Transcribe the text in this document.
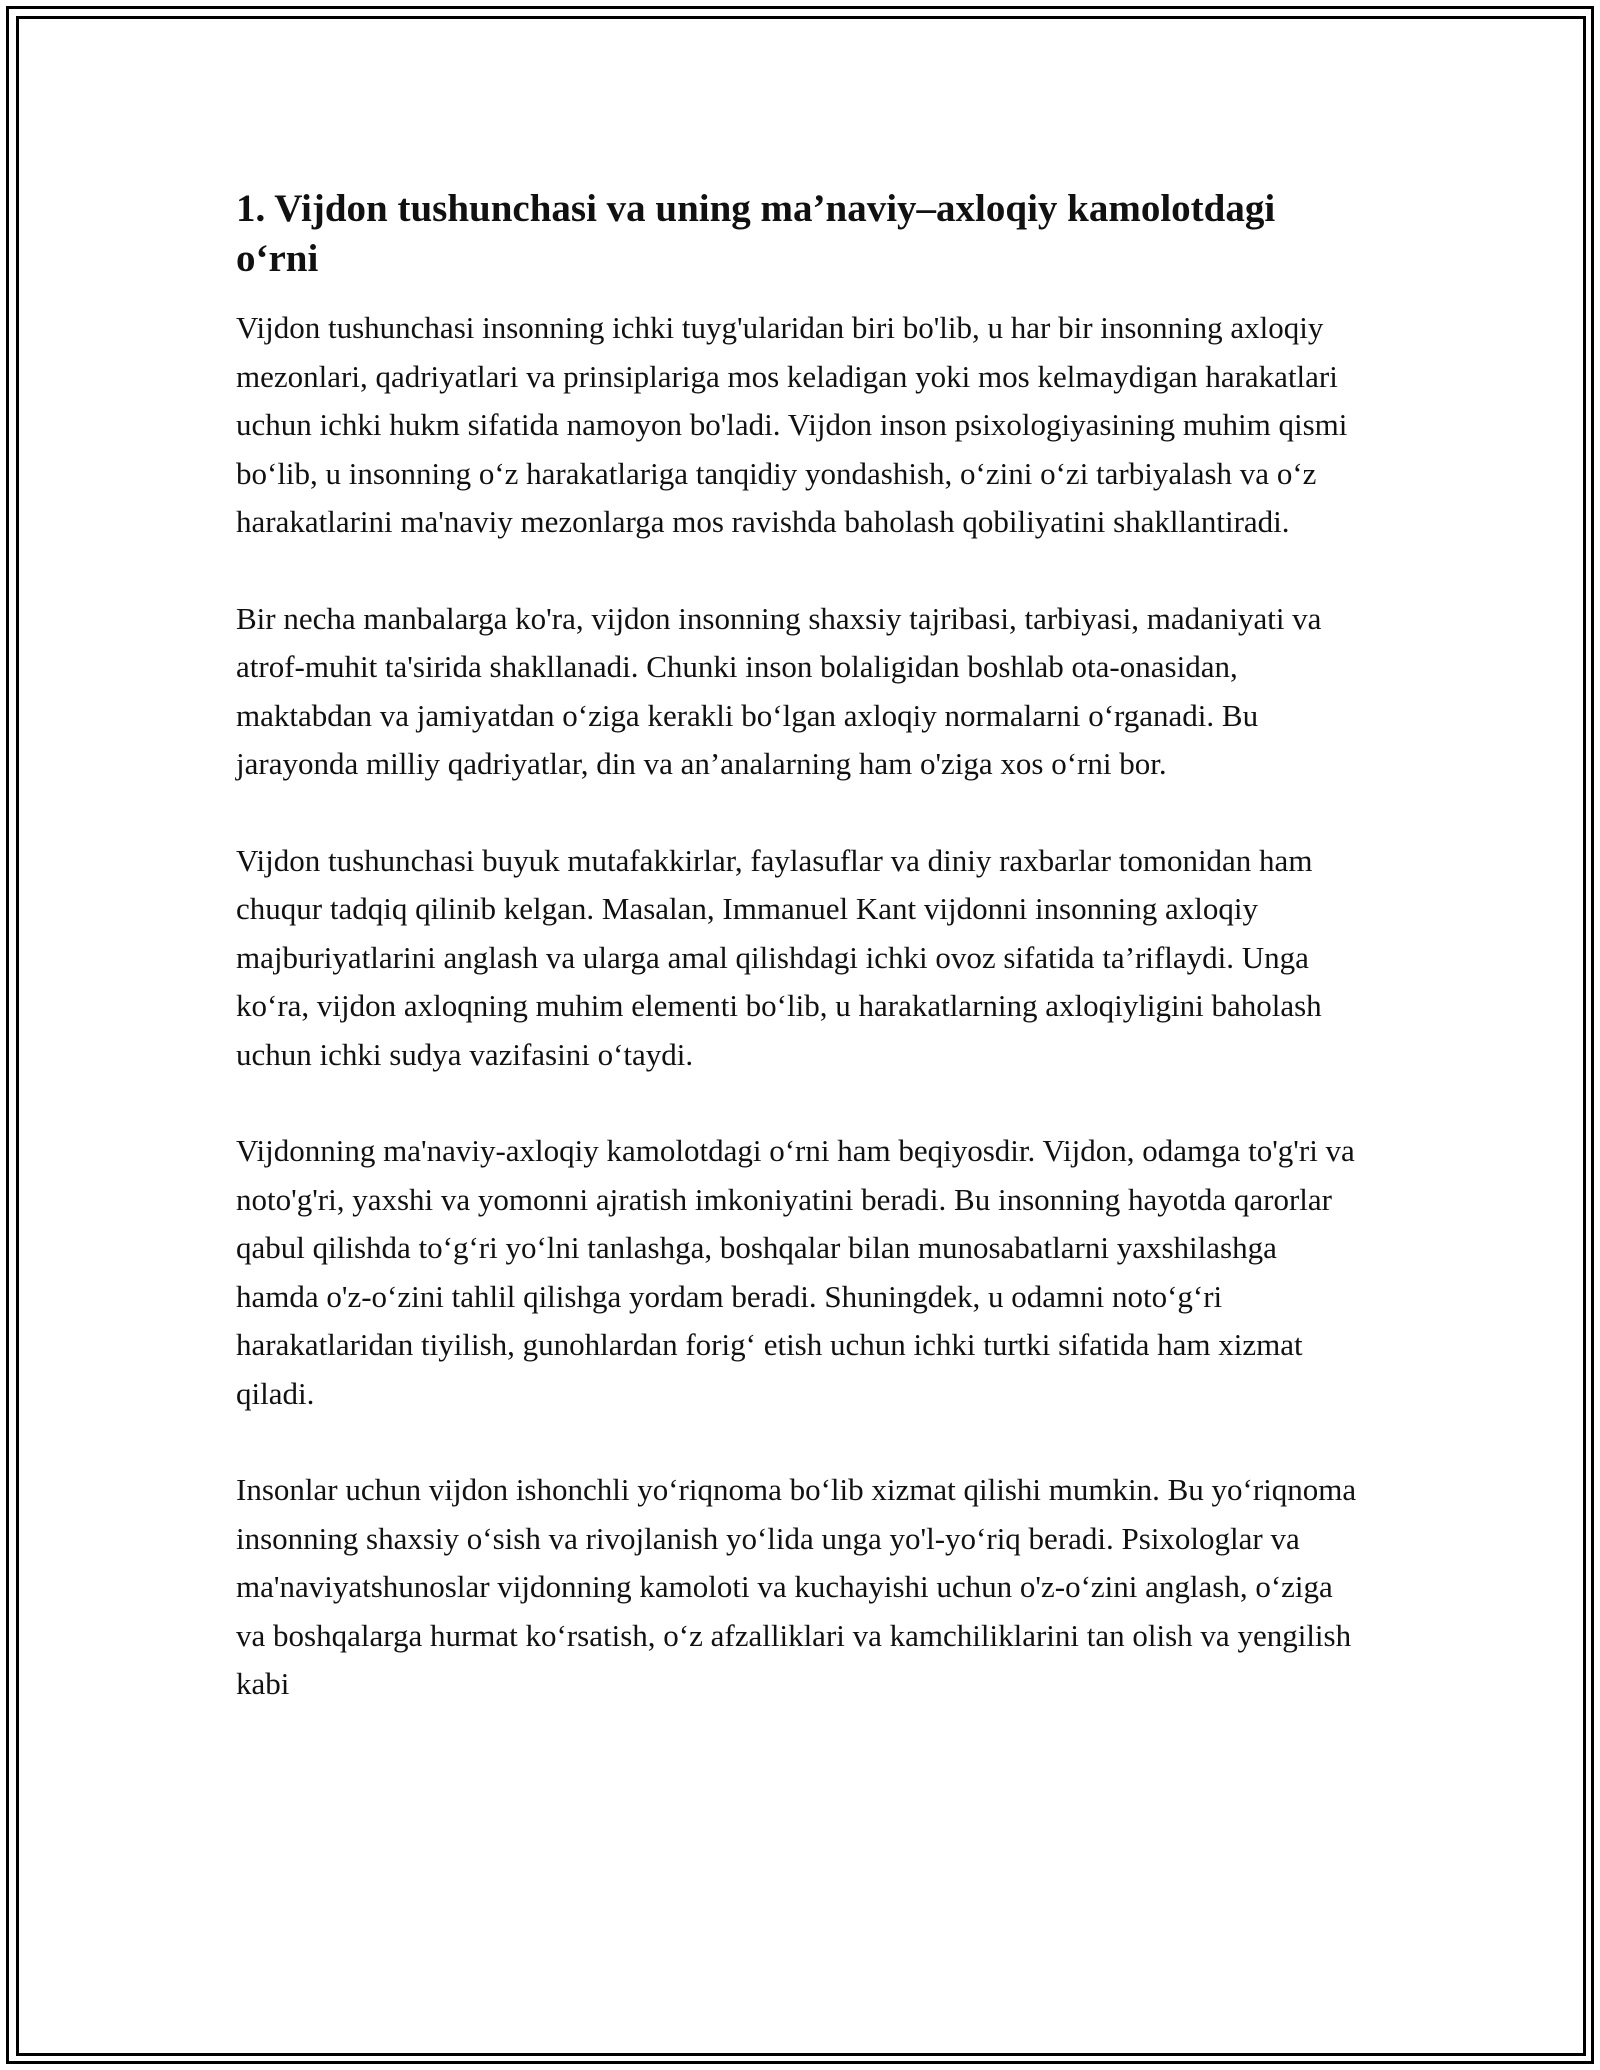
1. Vijdon tushunchasi va uning ma’naviy–axloqiy kamolotdagi o‘rni

Vijdon tushunchasi insonning ichki tuyg'ularidan biri bo'lib, u har bir insonning axloqiy mezonlari, qadriyatlari va prinsiplariga mos keladigan yoki mos kelmaydigan harakatlari uchun ichki hukm sifatida namoyon bo'ladi. Vijdon inson psixologiyasining muhim qismi bo‘lib, u insonning o‘z harakatlariga tanqidiy yondashish, o‘zini o‘zi tarbiyalash va o‘z harakatlarini ma'naviy mezonlarga mos ravishda baholash qobiliyatini shakllantiradi.

Bir necha manbalarga ko'ra, vijdon insonning shaxsiy tajribasi, tarbiyasi, madaniyati va atrof-muhit ta'sirida shakllanadi. Chunki inson bolaligidan boshlab ota-onasidan, maktabdan va jamiyatdan o‘ziga kerakli bo‘lgan axloqiy normalarni o‘rganadi. Bu jarayonda milliy qadriyatlar, din va an’analarning ham o'ziga xos o‘rni bor.

Vijdon tushunchasi buyuk mutafakkirlar, faylasuflar va diniy raxbarlar tomonidan ham chuqur tadqiq qilinib kelgan. Masalan, Immanuel Kant vijdonni insonning axloqiy majburiyatlarini anglash va ularga amal qilishdagi ichki ovoz sifatida ta’riflaydi. Unga ko‘ra, vijdon axloqning muhim elementi bo‘lib, u harakatlarning axloqiyligini baholash uchun ichki sudya vazifasini o‘taydi.

Vijdonning ma'naviy-axloqiy kamolotdagi o‘rni ham beqiyosdir. Vijdon, odamga to'g'ri va noto'g'ri, yaxshi va yomonni ajratish imkoniyatini beradi. Bu insonning hayotda qarorlar qabul qilishda to‘g‘ri yo‘lni tanlashga, boshqalar bilan munosabatlarni yaxshilashga hamda o'z-o‘zini tahlil qilishga yordam beradi. Shuningdek, u odamni noto‘g‘ri harakatlaridan tiyilish, gunohlardan forig‘ etish uchun ichki turtki sifatida ham xizmat qiladi.

Insonlar uchun vijdon ishonchli yo‘riqnoma bo‘lib xizmat qilishi mumkin. Bu yo‘riqnoma insonning shaxsiy o‘sish va rivojlanish yo‘lida unga yo'l-yo‘riq beradi. Psixologlar va ma'naviyatshunoslar vijdonning kamoloti va kuchayishi uchun o'z-o‘zini anglash, o‘ziga va boshqalarga hurmat ko‘rsatish, o‘z afzalliklari va kamchiliklarini tan olish va yengilish kabi
